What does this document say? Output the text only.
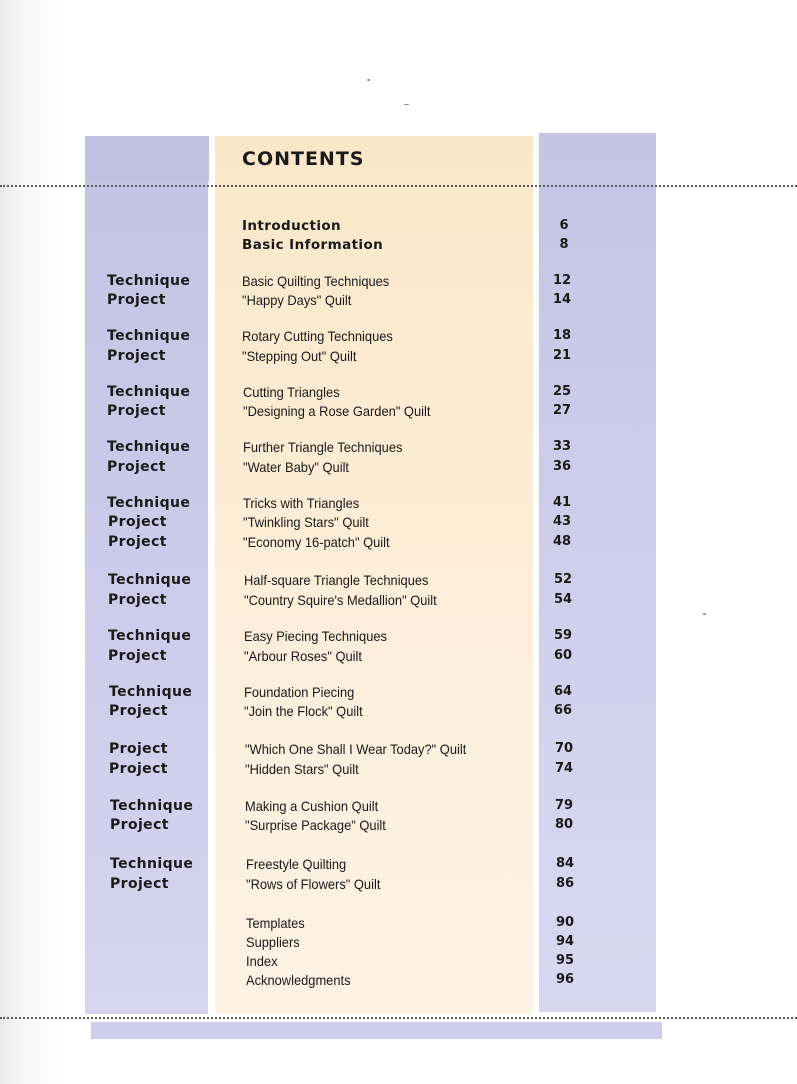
CONTENTS
Introduction	6
Basic Information	8
Technique	Basic Quilting Techniques	12
Project	"Happy Days" Quilt	14
Technique	Rotary Cutting Techniques	18
Project	"Stepping Out" Quilt	21
Technique	Cutting Triangles	25
Project	"Designing a Rose Garden" Quilt	27
Technique	Further Triangle Techniques	33
Project	"Water Baby" Quilt	36
Technique	Tricks with Triangles	41
Project	"Twinkling Stars" Quilt	43
Project	"Economy 16-patch" Quilt	48
Technique	Half-square Triangle Techniques	52
Project	"Country Squire's Medallion" Quilt	54
Technique	Easy Piecing Techniques	59
Project	"Arbour Roses" Quilt	60
Technique	Foundation Piecing	64
Project	"Join the Flock" Quilt	66
Project	"Which One Shall I Wear Today?" Quilt	70
Project	"Hidden Stars" Quilt	74
Technique	Making a Cushion Quilt	79
Project	"Surprise Package" Quilt	80
Technique	Freestyle Quilting	84
Project	"Rows of Flowers" Quilt	86
Templates	90
Suppliers	94
Index	95
Acknowledgments	96
